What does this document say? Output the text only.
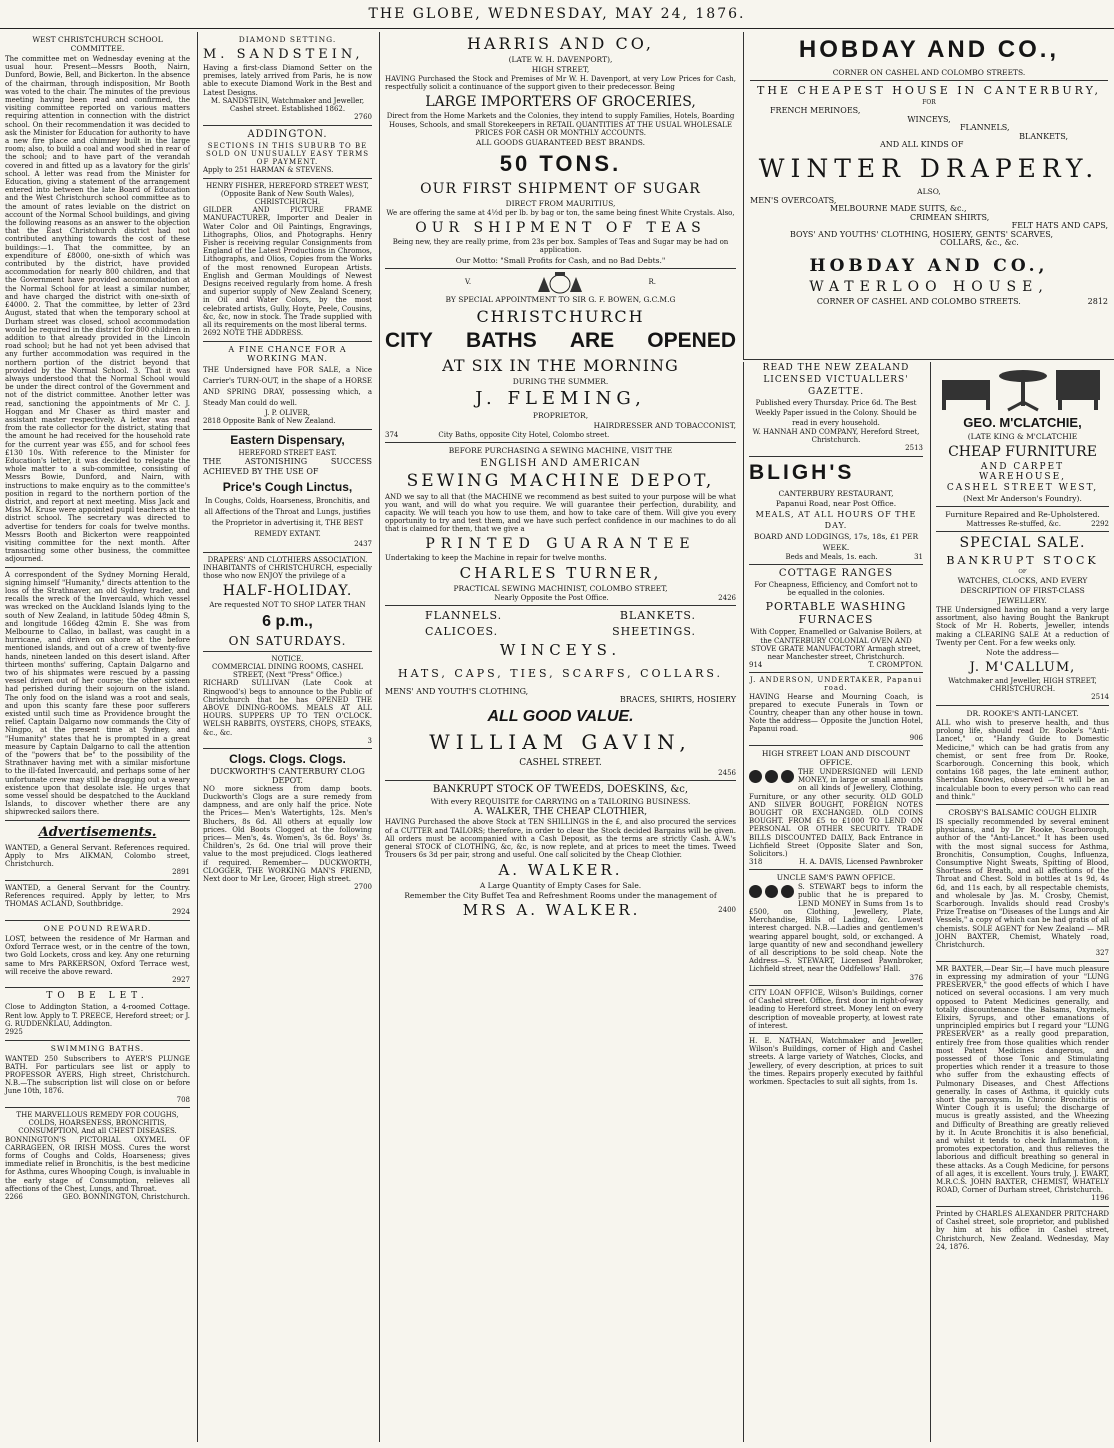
THE GLOBE, WEDNESDAY, MAY 24, 1876.
WEST CHRISTCHURCH SCHOOL COMMITTEE.

The committee met on Wednesday evening at the usual hour. Present—Messrs Booth, Nairn, Dunford, Bowie, Bell, and Bickerton. In the absence of the chairman, through indisposition, Mr Booth was voted to the chair. The minutes of the previous meeting having been read and confirmed, the visiting committee reported on various matters requiring attention in connection with the district school. On their recommendation it was decided to ask the Minister for Education for authority to have a new fire place and chimney built in the large room; also, to build a coal and wood shed in rear of the school; and to have part of the verandah covered in and fitted up as a lavatory for the girls' school. A letter was read from the Minister for Education, giving a statement of the arrangement entered into between the late Board of Education and the West Christchurch school committee as to the amount of rates leviable on the district on account of the Normal School buildings, and giving the following reasons as an answer to the objection that the East Christchurch district had not contributed anything towards the cost of these buildings:—1. That the committee, by an expenditure of £8000, one-sixth of which was contributed by the district, have provided accommodation for nearly 800 children, and that the Government have provided accommodation at the Normal School for at least a similar number, and have charged the district with one-sixth of £4000. 2. That the committee, by letter of 23rd August, stated that when the temporary school at Durham street was closed, school accommodation would be required in the district for 800 children in addition to that already provided in the Lincoln road school; but he had not yet been advised that any further accommodation was required in the northern portion of the district beyond that provided by the Normal School. 3. That it was always understood that the Normal School would be under the direct control of the Government and not of the district committee. Another letter was read, sanctioning the appointments of Mr C. J. Hoggan and Mr Chaser as third master and assistant master respectively. A letter was read from the rate collector for the district, stating that the amount he had received for the household rate for the current year was £55, and for school fees £130 10s. With reference to the Minister for Education's letter, it was decided to relegate the whole matter to a sub-committee, consisting of Messrs Bowie, Dunford, and Nairn, with instructions to make enquiry as to the committee's position in regard to the northern portion of the district, and report at next meeting. Miss Jack and Miss M. Kruse were appointed pupil teachers at the district school. The secretary was directed to advertise for tenders for coals for twelve months. Messrs Booth and Bickerton were reappointed visiting committee for the next month. After transacting some other business, the committee adjourned.

A correspondent of the Sydney Morning Herald, signing himself "Humanity," directs attention to the loss of the Strathnaver, an old Sydney trader, and recalls the wreck of the Invercauld, which vessel was wrecked on the Auckland Islands lying to the south of New Zealand, in latitude 50deg 48min S, and longitude 166deg 42min E. She was from Melbourne to Callao, in ballast, was caught in a hurricane, and driven on shore at the before mentioned islands, and out of a crew of twenty-five hands, nineteen landed on this desert island. After thirteen months' suffering, Captain Dalgarno and two of his shipmates were rescued by a passing vessel driven out of her course; the other sixteen had perished during their sojourn on the island. The only food on the island was a root and seals, and upon this scanty fare these poor sufferers existed until such time as Providence brought the relief. Captain Dalgarno now commands the City of Ningpo, at the present time at Sydney, and "Humanity" states that he is prompted in a great measure by Captain Dalgarno to call the attention of the "powers that be" to the possibility of the Strathnaver having met with a similar misfortune to the ill-fated Invercauld, and perhaps some of her unfortunate crew may still be dragging out a weary existence upon that desolate isle. He urges that some vessel should be despatched to the Auckland Islands, to discover whether there are any shipwrecked sailors there.

Advertisements.

WANTED, a General Servant. References required. Apply to Mrs AIKMAN, Colombo street, Christchurch.

2891

WANTED, a General Servant for the Country. References required. Apply by letter, to Mrs THOMAS ACLAND, Southbridge.

2924
ONE POUND REWARD.

LOST, between the residence of Mr Harman and Oxford Terrace west, or in the centre of the town, two Gold Lockets, cross and key. Any one returning same to Mrs PARKERSON, Oxford Terrace west, will receive the above reward.

2927
TO BE LET.

Close to Addington Station, a 4-roomed Cottage. Rent low. Apply to T. PREECE, Hereford street; or J. G. RUDDENKLAU, Addington.

2925
SWIMMING BATHS.

WANTED 250 Subscribers to AYER'S PLUNGE BATH. For particulars see list or apply to PROFESSOR AYERS, High street, Christchurch. N.B.—The subscription list will close on or before June 10th, 1876.

708

THE MARVELLOUS REMEDY FOR COUGHS, COLDS, HOARSENESS, BRONCHITIS, CONSUMPTION, And all CHEST DISEASES.

BONNINGTON'S PICTORIAL OXYMEL OF CARRAGEEN, OR IRISH MOSS. Cures the worst forms of Coughs and Colds, Hoarseness; gives immediate relief in Bronchitis, is the best medicine for Asthma, cures Whooping Cough, is invaluable in the early stage of Consumption, relieves all affections of the Chest, Lungs, and Throat.

2266	GEO. BONNINGTON, Christchurch.
DIAMOND SETTING.
M. SANDSTEIN,

Having a first-class Diamond Setter on the premises, lately arrived from Paris, he is now able to execute Diamond Work in the Best and Latest Designs.

M. SANDSTEIN, Watchmaker and Jeweller, Cashel street. Established 1862.

2760
ADDINGTON.

SECTIONS IN THIS SUBURB TO BE SOLD ON UNUSUALLY EASY TERMS OF PAYMENT.

Apply to 251 HARMAN & STEVENS.

HENRY FISHER, HEREFORD STREET WEST, (Opposite Bank of New South Wales), CHRISTCHURCH.

GILDER AND PICTURE FRAME MANUFACTURER, Importer and Dealer in Water Color and Oil Paintings, Engravings, Lithographs, Olios, and Photographs. Henry Fisher is receiving regular Consignments from England of the Latest Productions in Chromos, Lithographs, and Olios, Copies from the Works of the most renowned European Artists. English and German Mouldings of Newest Designs received regularly from home. A fresh and superior supply of New Zealand Scenery, in Oil and Water Colors, by the most celebrated artists, Gully, Hoyte, Peele, Cousins, &c, &c, now in stock. The Trade supplied with all its requirements on the most liberal terms.

2692 NOTE THE ADDRESS.
A FINE CHANCE FOR A WORKING MAN.

THE Undersigned have FOR SALE, a Nice Carrier's TURN-OUT, in the shape of a HORSE AND SPRING DRAY, possessing which, a Steady Man could do well.

J. P. OLIVER,
2818 Opposite Bank of New Zealand.
Eastern Dispensary,
HEREFORD STREET EAST.

THE ASTONISHING SUCCESS ACHIEVED BY THE USE OF

Price's Cough Linctus,

In Coughs, Colds, Hoarseness, Bronchitis, and all Affections of the Throat and Lungs, justifies the Proprietor in advertising it, THE BEST REMEDY EXTANT.

2437

DRAPERS' AND CLOTHIERS ASSOCIATION.

INHABITANTS of CHRISTCHURCH, especially those who now ENJOY the privilege of a

HALF-HOLIDAY.

Are requested NOT TO SHOP LATER THAN

6 p.m.,
ON SATURDAYS.
NOTICE.

COMMERCIAL DINING ROOMS, CASHEL STREET, (Next "Press" Office.)

RICHARD SULLIVAN (Late Cook at Ringwood's) begs to announce to the Public of Christchurch that he has OPENED THE ABOVE DINING-ROOMS. MEALS AT ALL HOURS. SUPPERS UP TO TEN O'CLOCK. WELSH RABBITS, OYSTERS, CHOPS, STEAKS, &c., &c.

3
Clogs. Clogs. Clogs.

DUCKWORTH'S CANTERBURY CLOG DEPOT.

NO more sickness from damp boots. Duckworth's Clogs are a sure remedy from dampness, and are only half the price. Note the Prices— Men's Watertights, 12s. Men's Bluchers, 8s 6d. All others at equally low prices. Old Boots Clogged at the following prices— Men's, 4s. Women's, 3s 6d. Boys' 3s. Children's, 2s 6d. One trial will prove their value to the most prejudiced. Clogs leathered if required. Remember— DUCKWORTH, CLOGGER, THE WORKING MAN'S FRIEND, Next door to Mr Lee, Grocer, High street.

2700
HARRIS AND CO,
(LATE W. H. DAVENPORT),
HIGH STREET,

HAVING Purchased the Stock and Premises of Mr W. H. Davenport, at very Low Prices for Cash, respectfully solicit a continuance of the support given to their predecessor. Being

LARGE IMPORTERS OF GROCERIES,

Direct from the Home Markets and the Colonies, they intend to supply Families, Hotels, Boarding Houses, Schools, and small Storekeepers in RETAIL QUANTITIES AT THE USUAL WHOLESALE PRICES FOR CASH OR MONTHLY ACCOUNTS.

ALL GOODS GUARANTEED BEST BRANDS.
50 TONS.
OUR FIRST SHIPMENT OF SUGAR
DIRECT FROM MAURITIUS,

We are offering the same at 4½d per lb. by bag or ton, the same being finest White Crystals. Also,

OUR SHIPMENT OF TEAS

Being new, they are really prime, from 23s per box. Samples of Teas and Sugar may be had on application.

Our Motto: "Small Profits for Cash, and no Bad Debts."
V.	R.
BY SPECIAL APPOINTMENT TO SIR G. F. BOWEN, G.C.M.G
CHRISTCHURCH
CITY BATHS ARE OPENED
AT SIX IN THE MORNING
DURING THE SUMMER.
J. FLEMING,
PROPRIETOR,
HAIRDRESSER AND TOBACCONIST,
374	City Baths, opposite City Hotel, Colombo street.
BEFORE PURCHASING A SEWING MACHINE, VISIT THE
ENGLISH AND AMERICAN
SEWING MACHINE DEPOT,

AND we say to all that (the MACHINE we recommend as best suited to your purpose will be what you want, and will do what you require. We will guarantee their perfection, durability, and capacity. We will teach you how to use them, and how to take care of them. Will give you every opportunity to try and test them, and we have such perfect confidence in our machines to do all that is claimed for them, that we give a

PRINTED GUARANTEE

Undertaking to keep the Machine in repair for twelve months.

CHARLES TURNER,
PRACTICAL SEWING MACHINIST, COLOMBO STREET,
Nearly Opposite the Post Office.	2426
FLANNELS.	BLANKETS.
CALICOES.	SHEETINGS.
WINCEYS.
HATS, CAPS, TIES, SCARFS, COLLARS.
MENS' AND YOUTH'S CLOTHING,
BRACES, SHIRTS, HOSIERY
ALL GOOD VALUE.
WILLIAM GAVIN,
CASHEL STREET.
2456
BANKRUPT STOCK OF TWEEDS, DOESKINS, &c,
With every REQUISITE for CARRYING on a TAILORING BUSINESS.
A. WALKER, THE CHEAP CLOTHIER,

HAVING Purchased the above Stock at TEN SHILLINGS in the £, and also procured the services of a CUTTER and TAILORS; therefore, in order to clear the Stock decided Bargains will be given. All orders must be accompanied with a Cash Deposit, as the terms are strictly Cash. A.W.'s general STOCK of CLOTHING, &c, &c, is now replete, and at prices to meet the times. Tweed Trousers 6s 3d per pair, strong and useful. One call solicited by the Cheap Clothier.

A. WALKER.
A Large Quantity of Empty Cases for Sale.
Remember the City Buffet Tea and Refreshment Rooms under the management of
MRS A. WALKER.	2400
HOBDAY AND CO.,
CORNER ON CASHEL AND COLOMBO STREETS.
THE CHEAPEST HOUSE IN CANTERBURY,
FOR
FRENCH MERINOES,
WINCEYS,
FLANNELS,
BLANKETS,
AND ALL KINDS OF
WINTER DRAPERY.
ALSO,
MEN'S OVERCOATS,
MELBOURNE MADE SUITS, &c.,
CRIMEAN SHIRTS,
FELT HATS AND CAPS,
BOYS' AND YOUTHS' CLOTHING, HOSIERY, GENTS' SCARVES,
COLLARS, &c., &c.
HOBDAY AND CO.,
WATERLOO HOUSE,
CORNER OF CASHEL AND COLOMBO STREETS.	2812

READ THE NEW ZEALAND LICENSED VICTUALLERS' GAZETTE.

Published every Thursday. Price 6d. The Best Weekly Paper issued in the Colony. Should be read in every household.

W. HANNAH AND COMPANY, Hereford Street, Christchurch.

2513
BLIGH'S
CANTERBURY RESTAURANT,
Papanui Road, near Post Office.

MEALS, AT ALL HOURS OF THE DAY.

BOARD AND LODGINGS, 17s, 18s, £1 PER WEEK.

Beds and Meals, 1s. each.	31
COTTAGE RANGES

For Cheapness, Efficiency, and Comfort not to be equalled in the colonies.

PORTABLE WASHING FURNACES

With Copper, Enamelled or Galvanise Boilers, at the CANTERBURY COLONIAL OVEN AND STOVE GRATE MANUFACTORY Armagh street, near Manchester street, Christchurch.

914	T. CROMPTON.

J. ANDERSON, UNDERTAKER, Papanui road.

HAVING Hearse and Mourning Coach, is prepared to execute Funerals in Town or Country, cheaper than any other house in town. Note the address— Opposite the Junction Hotel, Papanui road.

906
HIGH STREET LOAN AND DISCOUNT OFFICE.

THE UNDERSIGNED will LEND MONEY, in large or small amounts on all kinds of Jewellery, Clothing, Furniture, or any other security. OLD GOLD AND SILVER BOUGHT, FOREIGN NOTES BOUGHT OR EXCHANGED. OLD COINS BOUGHT. FROM £5 to £1000 TO LEND ON PERSONAL OR OTHER SECURITY. TRADE BILLS DISCOUNTED DAILY, Back Entrance in Lichfield Street (Opposite Slater and Son, Solicitors.)

318	H. A. DAVIS, Licensed Pawnbroker
UNCLE SAM'S PAWN OFFICE.

S. STEWART begs to inform the public that he is prepared to LEND MONEY in Sums from 1s to £500, on Clothing, Jewellery, Plate, Merchandise, Bills of Lading, &c. Lowest interest charged. N.B.—Ladies and gentlemen's wearing apparel bought, sold, or exchanged. A large quantity of new and secondhand jewellery of all descriptions to be sold cheap. Note the Address—S. STEWART, Licensed Pawnbroker, Lichfield street, near the Oddfellows' Hall.

376

CITY LOAN OFFICE, Wilson's Buildings, corner of Cashel street. Office, first door in right-of-way leading to Hereford street. Money lent on every description of moveable property, at lowest rate of interest.

H. E. NATHAN, Watchmaker and Jeweller, Wilson's Buildings, corner of High and Cashel streets. A large variety of Watches, Clocks, and Jewellery, of every description, at prices to suit the times. Repairs properly executed by faithful workmen. Spectacles to suit all sights, from 1s.

GEO. M'CLATCHIE,
(LATE KING & M'CLATCHIE
CHEAP FURNITURE
AND CARPET WAREHOUSE,
CASHEL STREET WEST,
(Next Mr Anderson's Foundry).
Furniture Repaired and Re-Upholstered.
Mattresses Re-stuffed, &c.	2292
SPECIAL SALE.
BANKRUPT STOCK
OF

WATCHES, CLOCKS, AND EVERY DESCRIPTION OF FIRST-CLASS JEWELLERY.

THE Undersigned having on hand a very large assortment, also having Bought the Bankrupt Stock of Mr H. Roberts, Jeweller, intends making a CLEARING SALE At a reduction of Twenty per Cent. For a few weeks only.

Note the address—
J. M'CALLUM,

Watchmaker and Jeweller, HIGH STREET, CHRISTCHURCH.

2514
DR. ROOKE'S ANTI-LANCET.

ALL who wish to preserve health, and thus prolong life, should read Dr. Rooke's "Anti-Lancet," or, "Handy Guide to Domestic Medicine," which can be had gratis from any chemist, or sent free from Dr. Rooke, Scarborough. Concerning this book, which contains 168 pages, the late eminent author, Sheridan Knowles, observed —"It will be an incalculable boon to every person who can read and think."

CROSBY'S BALSAMIC COUGH ELIXIR

IS specially recommended by several eminent physicians, and by Dr Rooke, Scarborough, author of the "Anti-Lancet." It has been used with the most signal success for Asthma, Bronchitis, Consumption, Coughs, Influenza, Consumptive Night Sweats, Spitting of Blood, Shortness of Breath, and all affections of the Throat and Chest. Sold in bottles at 1s 9d, 4s 6d, and 11s each, by all respectable chemists, and wholesale by Jas. M. Crosby, Chemist, Scarborough. Invalids should read Crosby's Prize Treatise on "Diseases of the Lungs and Air Vessels," a copy of which can be had gratis of all chemists. SOLE AGENT for New Zealand — MR JOHN BAXTER, Chemist, Whately road, Christchurch.

327

MR BAXTER,—Dear Sir,—I have much pleasure in expressing my admiration of your "LUNG PRESERVER," the good effects of which I have noticed on several occasions. I am very much opposed to Patent Medicines generally, and totally discountenance the Balsams, Oxymels, Elixirs, Syrups, and other emanations of unprincipled empirics but I regard your "LUNG PRESERVER" as a really good preparation, entirely free from those qualities which render most Patent Medicines dangerous, and possessed of those Tonic and Stimulating properties which render it a treasure to those who suffer from the exhausting effects of Pulmonary Diseases, and Chest Affections generally. In cases of Asthma, it quickly cuts short the paroxysm. In Chronic Bronchitis or Winter Cough it is useful; the discharge of mucus is greatly assisted, and the Wheezing and Difficulty of Breathing are greatly relieved by it. In Acute Bronchitis it is also beneficial, and whilst it tends to check Inflammation, it promotes expectoration, and thus relieves the laborious and difficult breathing so general in these attacks. As a Cough Medicine, for persons of all ages, it is excellent. Yours truly, J. EWART, M.R.C.S. JOHN BAXTER, CHEMIST, WHATELY ROAD, Corner of Durham street, Christchurch.

1196

Printed by CHARLES ALEXANDER PRITCHARD of Cashel street, sole proprietor, and published by him at his office in Cashel street, Christchurch, New Zealand. Wednesday, May 24, 1876.
